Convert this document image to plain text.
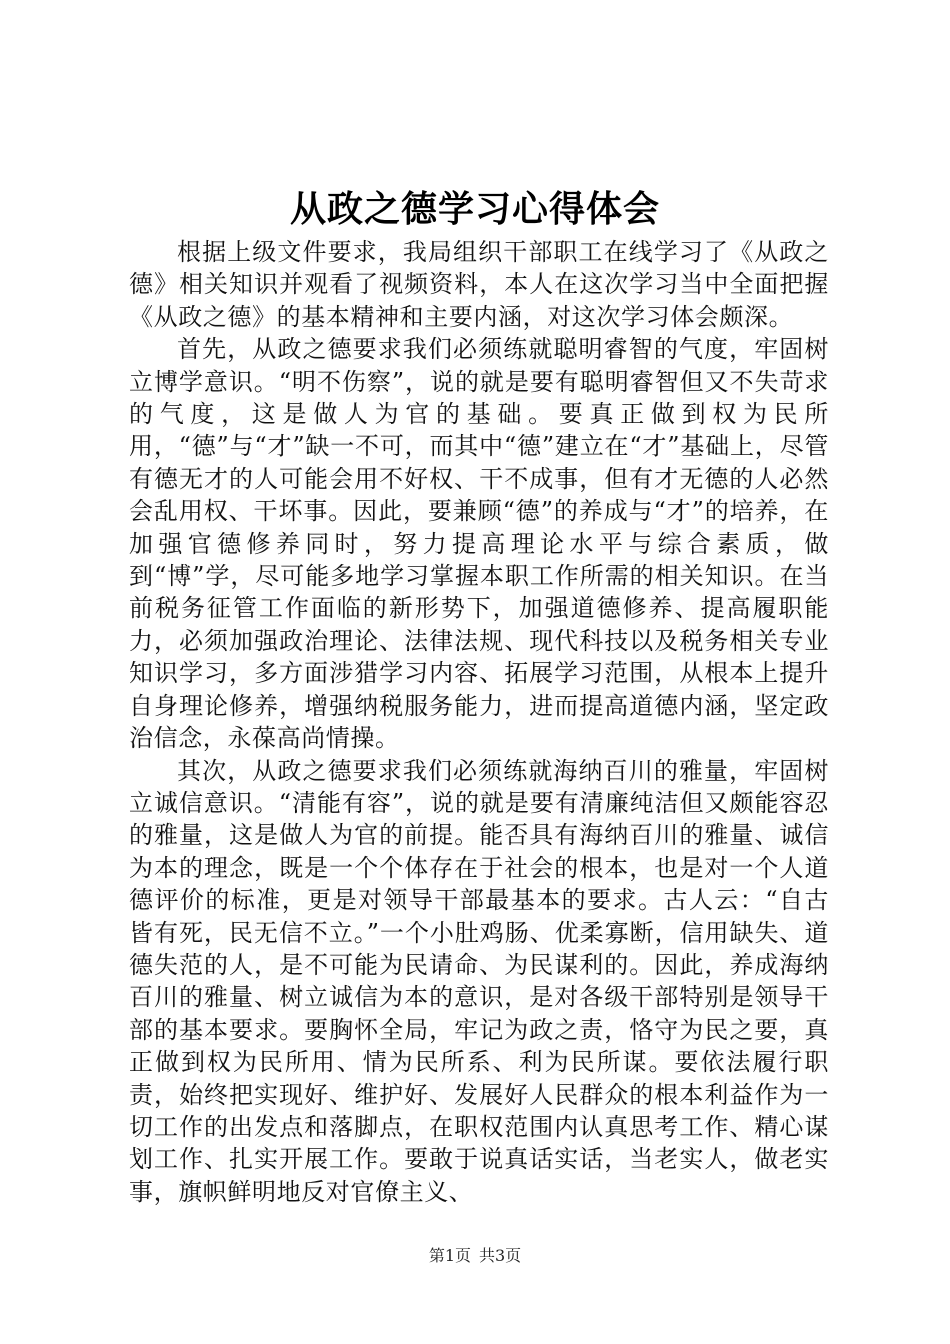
从政之德学习心得体会

根据上级文件要求，我局组织干部职工在线学习了《从政之德》相关知识并观看了视频资料，本人在这次学习当中全面把握《从政之德》的基本精神和主要内涵，对这次学习体会颇深。

首先，从政之德要求我们必须练就聪明睿智的气度，牢固树立博学意识。“明不伤察”，说的就是要有聪明睿智但又不失苛求的气度，这是做人为官的基础。要真正做到权为民所用，“德”与“才”缺一不可，而其中“德”建立在“才”基础上，尽管有德无才的人可能会用不好权、干不成事，但有才无德的人必然会乱用权、干坏事。因此，要兼顾“德”的养成与“才”的培养，在加强官德修养同时，努力提高理论水平与综合素质，做到“博”学，尽可能多地学习掌握本职工作所需的相关知识。在当前税务征管工作面临的新形势下，加强道德修养、提高履职能力，必须加强政治理论、法律法规、现代科技以及税务相关专业知识学习，多方面涉猎学习内容、拓展学习范围，从根本上提升自身理论修养，增强纳税服务能力，进而提高道德内涵，坚定政治信念，永葆高尚情操。

其次，从政之德要求我们必须练就海纳百川的雅量，牢固树立诚信意识。“清能有容”，说的就是要有清廉纯洁但又颇能容忍的雅量，这是做人为官的前提。能否具有海纳百川的雅量、诚信为本的理念，既是一个个体存在于社会的根本，也是对一个人道德评价的标准，更是对领导干部最基本的要求。古人云：“自古皆有死，民无信不立。”一个小肚鸡肠、优柔寡断，信用缺失、道德失范的人，是不可能为民请命、为民谋利的。因此，养成海纳百川的雅量、树立诚信为本的意识，是对各级干部特别是领导干部的基本要求。要胸怀全局，牢记为政之责，恪守为民之要，真正做到权为民所用、情为民所系、利为民所谋。要依法履行职责，始终把实现好、维护好、发展好人民群众的根本利益作为一切工作的出发点和落脚点，在职权范围内认真思考工作、精心谋划工作、扎实开展工作。要敢于说真话实话，当老实人，做老实事，旗帜鲜明地反对官僚主义、

第1页 共3页
